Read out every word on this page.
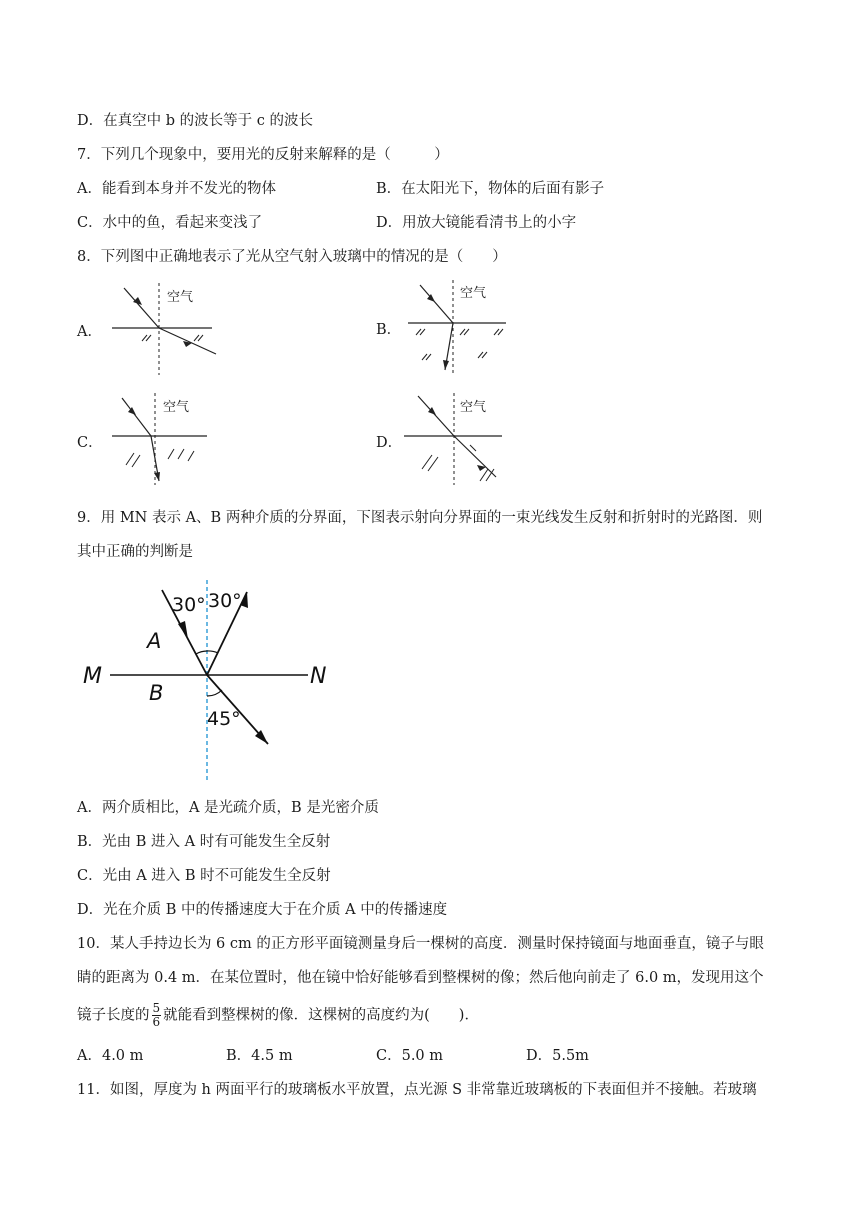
D．在真空中 b 的波长等于 c 的波长
7．下列几个现象中，要用光的反射来解释的是（　　　）
A．能看到本身并不发光的物体	B．在太阳光下，物体的后面有影子
C．水中的鱼，看起来变浅了	D．用放大镜能看清书上的小字
8．下列图中正确地表示了光从空气射入玻璃中的情况的是（　　）
A．
空气
B．
空气
C．
空气
D．
空气
9．用 MN 表示 A、B 两种介质的分界面，下图表示射向分界面的一束光线发生反射和折射时的光路图．则
其中正确的判断是
30° 30°
45°
A
B
M	N
A．两介质相比，A 是光疏介质，B 是光密介质
B．光由 B 进入 A 时有可能发生全反射
C．光由 A 进入 B 时不可能发生全反射
D．光在介质 B 中的传播速度大于在介质 A 中的传播速度
10．某人手持边长为 6 cm 的正方形平面镜测量身后一棵树的高度．测量时保持镜面与地面垂直，镜子与眼
睛的距离为 0.4 m．在某位置时，他在镜中恰好能够看到整棵树的像；然后他向前走了 6.0 m，发现用这个
镜子长度的 $\frac{5}{6}$ 就能看到整棵树的像．这棵树的高度约为(　　)．
A．4.0 m	B．4.5 m	C．5.0 m	D．5.5m
11．如图，厚度为 h 两面平行的玻璃板水平放置，点光源 S 非常靠近玻璃板的下表面但并不接触。若玻璃
